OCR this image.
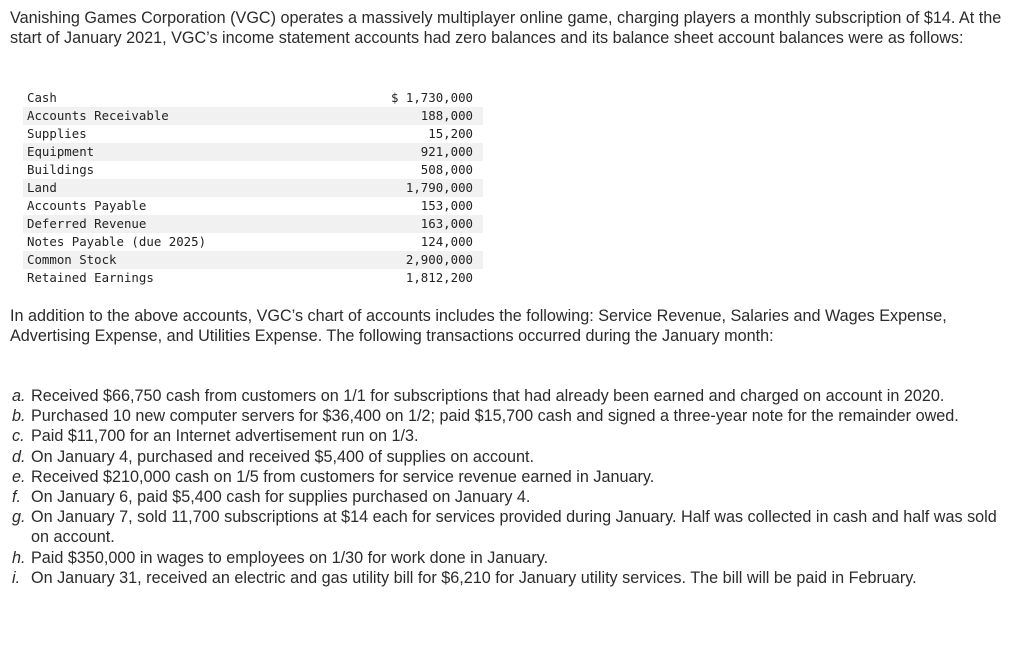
Vanishing Games Corporation (VGC) operates a massively multiplayer online game, charging players a monthly subscription of $14. At the start of January 2021, VGC’s income statement accounts had zero balances and its balance sheet account balances were as follows:

Cash	$ 1,730,000
Accounts Receivable	188,000
Supplies	15,200
Equipment	921,000
Buildings	508,000
Land	1,790,000
Accounts Payable	153,000
Deferred Revenue	163,000
Notes Payable (due 2025)	124,000
Common Stock	2,900,000
Retained Earnings	1,812,200

In addition to the above accounts, VGC’s chart of accounts includes the following: Service Revenue, Salaries and Wages Expense, Advertising Expense, and Utilities Expense. The following transactions occurred during the January month:

a. Received $66,750 cash from customers on 1/1 for subscriptions that had already been earned and charged on account in 2020.
b. Purchased 10 new computer servers for $36,400 on 1/2; paid $15,700 cash and signed a three-year note for the remainder owed.
c. Paid $11,700 for an Internet advertisement run on 1/3.
d. On January 4, purchased and received $5,400 of supplies on account.
e. Received $210,000 cash on 1/5 from customers for service revenue earned in January.
f. On January 6, paid $5,400 cash for supplies purchased on January 4.
g. On January 7, sold 11,700 subscriptions at $14 each for services provided during January. Half was collected in cash and half was sold on account.
h. Paid $350,000 in wages to employees on 1/30 for work done in January.
i. On January 31, received an electric and gas utility bill for $6,210 for January utility services. The bill will be paid in February.
